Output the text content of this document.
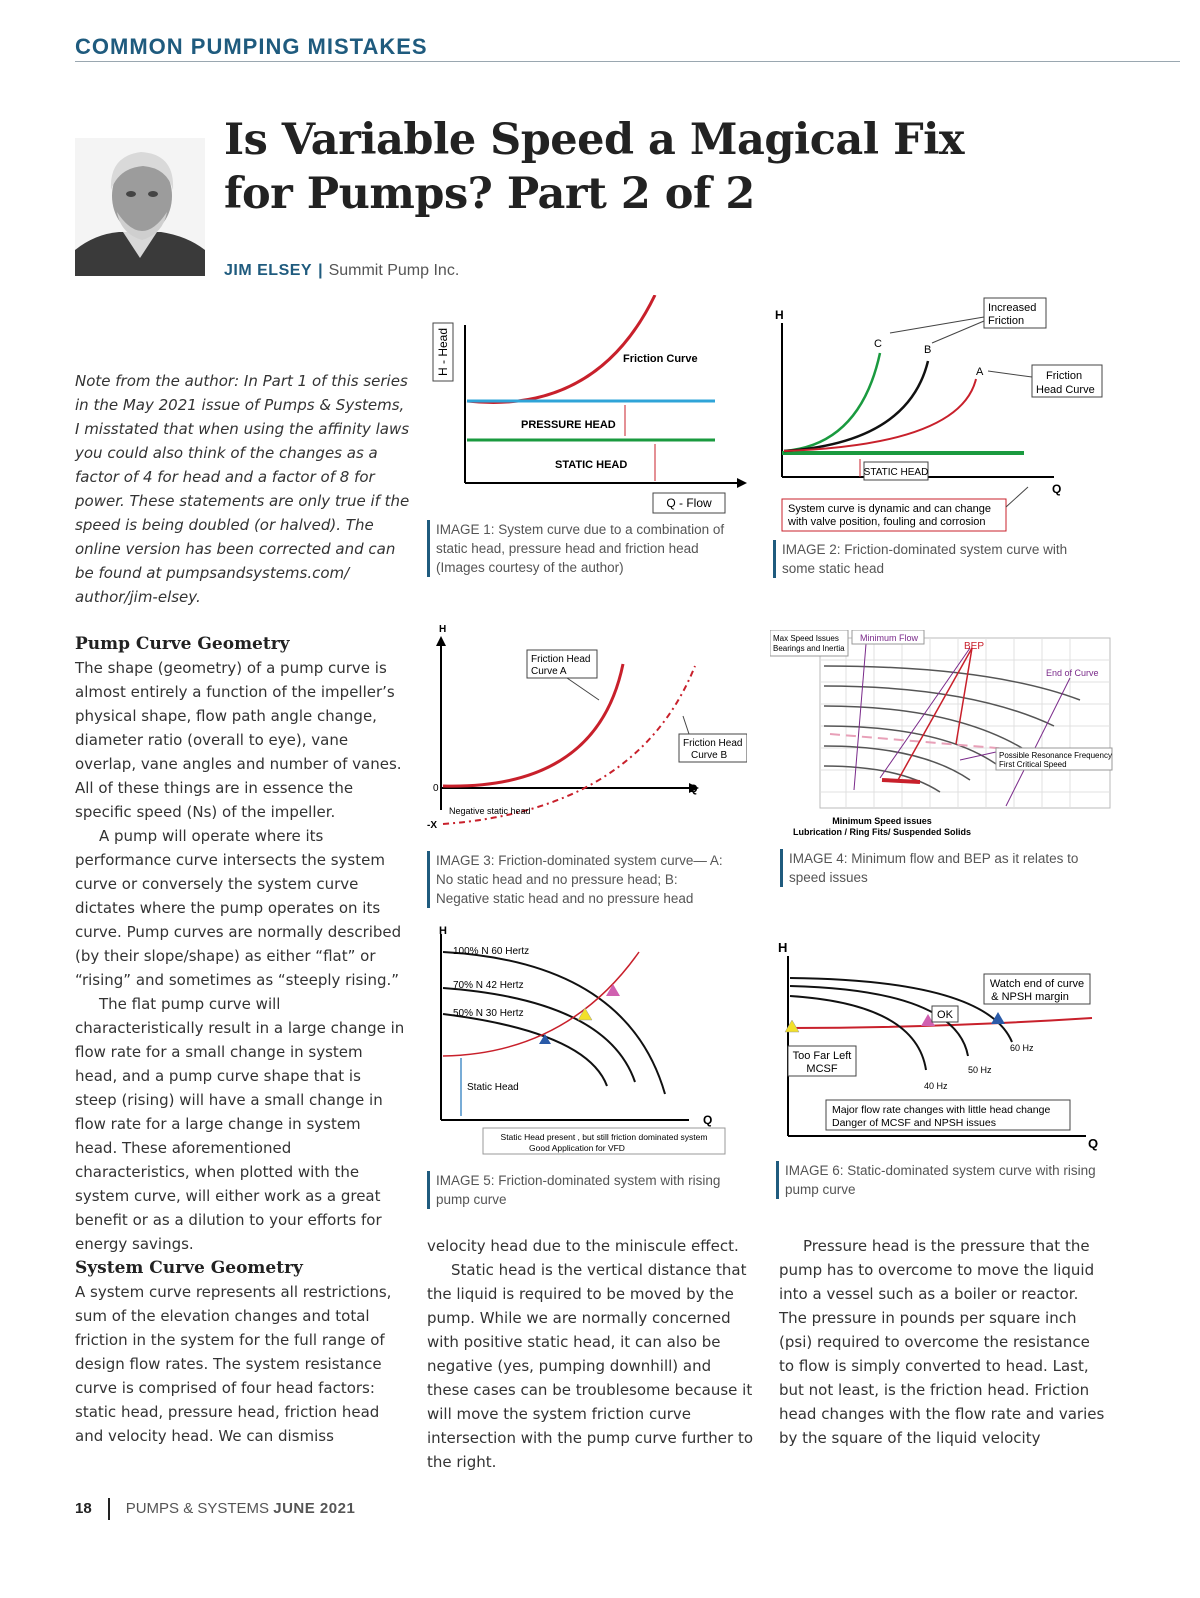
COMMON PUMPING MISTAKES
Is Variable Speed a Magical Fix
for Pumps? Part 2 of 2
JIM ELSEY | Summit Pump Inc.
Note from the author: In Part 1 of this series in the May 2021 issue of Pumps & Systems, I misstated that when using the affinity laws you could also think of the changes as a factor of 4 for head and a factor of 8 for power. These statements are only true if the speed is being doubled (or halved). The online version has been corrected and can be found at pumpsandsystems.com/ author/jim-elsey.
Pump Curve Geometry

The shape (geometry) of a pump curve is almost entirely a function of the impeller’s physical shape, flow path angle change, diameter ratio (overall to eye), vane overlap, vane angles and number of vanes. All of these things are in essence the specific speed (Ns) of the impeller.

A pump will operate where its performance curve intersects the system curve or conversely the system curve dictates where the pump operates on its curve. Pump curves are normally described (by their slope/shape) as either “flat” or “rising” and sometimes as “steeply rising.”

The flat pump curve will characteristically result in a large change in flow rate for a small change in system head, and a pump curve shape that is steep (rising) will have a small change in flow rate for a large change in system head. These aforementioned characteristics, when plotted with the system curve, will either work as a great benefit or as a dilution to your efforts for energy savings.

System Curve Geometry

A system curve represents all restrictions, sum of the elevation changes and total friction in the system for the full range of design flow rates. The system resistance curve is comprised of four head factors: static head, pressure head, friction head and velocity head. We can dismiss

velocity head due to the miniscule effect.

Static head is the vertical distance that the liquid is required to be moved by the pump. While we are normally concerned with positive static head, it can also be negative (yes, pumping downhill) and these cases can be troublesome because it will move the system friction curve intersection with the pump curve further to the right.

Pressure head is the pressure that the pump has to overcome to move the liquid into a vessel such as a boiler or reactor. The pressure in pounds per square inch (psi) required to overcome the resistance to flow is simply converted to head. Last, but not least, is the friction head. Friction head changes with the flow rate and varies by the square of the liquid velocity

H - Head	Friction Curve
PRESSURE HEAD
STATIC HEAD
Q - Flow
IMAGE 1: System curve due to a combination of static head, pressure head and friction head (Images courtesy of the author)
H
Q
C	B
A
Increased
Friction
Friction
Head Curve
STATIC HEAD
System curve is dynamic and can change
with valve position, fouling and corrosion
IMAGE 2: Friction-dominated system curve with some static head
H
Q
0
-X
Friction Head
Curve A
Friction Head
Curve B
Negative static head
IMAGE 3: Friction-dominated system curve— A: No static head and no pressure head; B: Negative static head and no pressure head
Max Speed Issues
Bearings and Inertia
Minimum Flow
BEP
End of Curve
Possible Resonance Frequency
First Critical Speed
Minimum Speed issues
Lubrication / Ring Fits/ Suspended Solids
IMAGE 4: Minimum flow and BEP as it relates to speed issues
H
Q
100% N 60 Hertz
70% N 42 Hertz
50% N 30 Hertz
Static Head
Static Head present , but still friction dominated system
Good Application for VFD
IMAGE 5: Friction-dominated system with rising pump curve
H
Q
Watch end of curve
& NPSH margin
OK
Too Far Left
MCSF
60 Hz
50 Hz
40 Hz
Major flow rate changes with little head change
Danger of MCSF and NPSH issues
IMAGE 6: Static-dominated system curve with rising pump curve
18 PUMPS & SYSTEMS JUNE 2021
